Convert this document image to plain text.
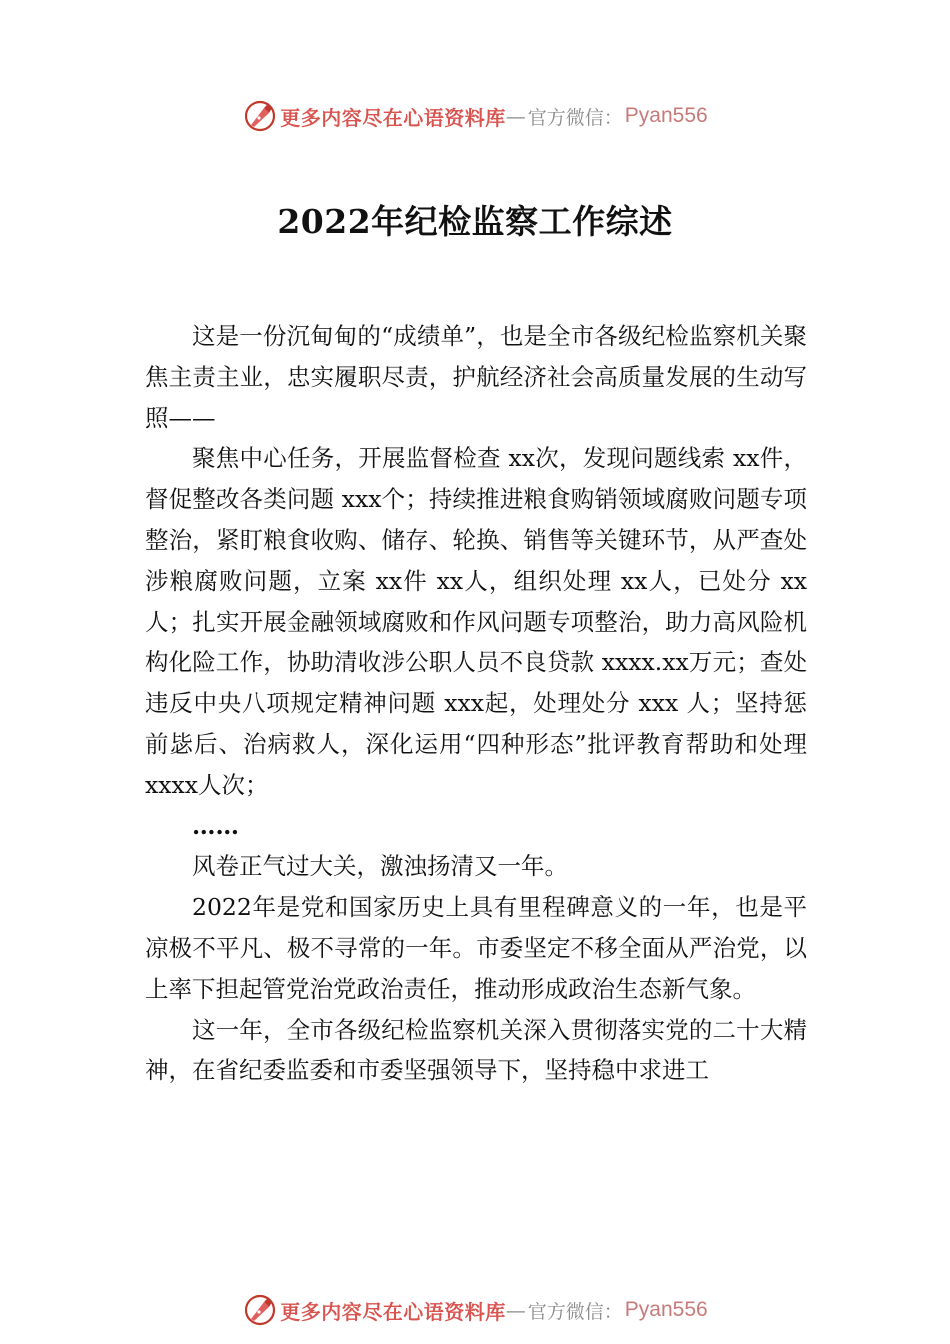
更多内容尽在心语资料库 — 官方微信： Pyan556
2022年纪检监察工作综述

这是一份沉甸甸的“成绩单”，也是全市各级纪检监察机关聚焦主责主业，忠实履职尽责，护航经济社会高质量发展的生动写照——

聚焦中心任务，开展监督检查 xx次，发现问题线索 xx件，督促整改各类问题 xxx个；持续推进粮食购销领域腐败问题专项整治，紧盯粮食收购、储存、轮换、销售等关键环节，从严查处涉粮腐败问题，立案 xx件 xx人，组织处理 xx人，已处分 xx人；扎实开展金融领域腐败和作风问题专项整治，助力高风险机构化险工作，协助清收涉公职人员不良贷款 xxxx.xx万元；查处违反中央八项规定精神问题 xxx起，处理处分 xxx 人；坚持惩前毖后、治病救人，深化运用“四种形态”批评教育帮助和处理 xxxx人次；

……

风卷正气过大关，激浊扬清又一年。

2022年是党和国家历史上具有里程碑意义的一年，也是平凉极不平凡、极不寻常的一年。市委坚定不移全面从严治党，以上率下担起管党治党政治责任，推动形成政治生态新气象。

这一年，全市各级纪检监察机关深入贯彻落实党的二十大精神，在省纪委监委和市委坚强领导下，坚持稳中求进工

更多内容尽在心语资料库 — 官方微信： Pyan556
